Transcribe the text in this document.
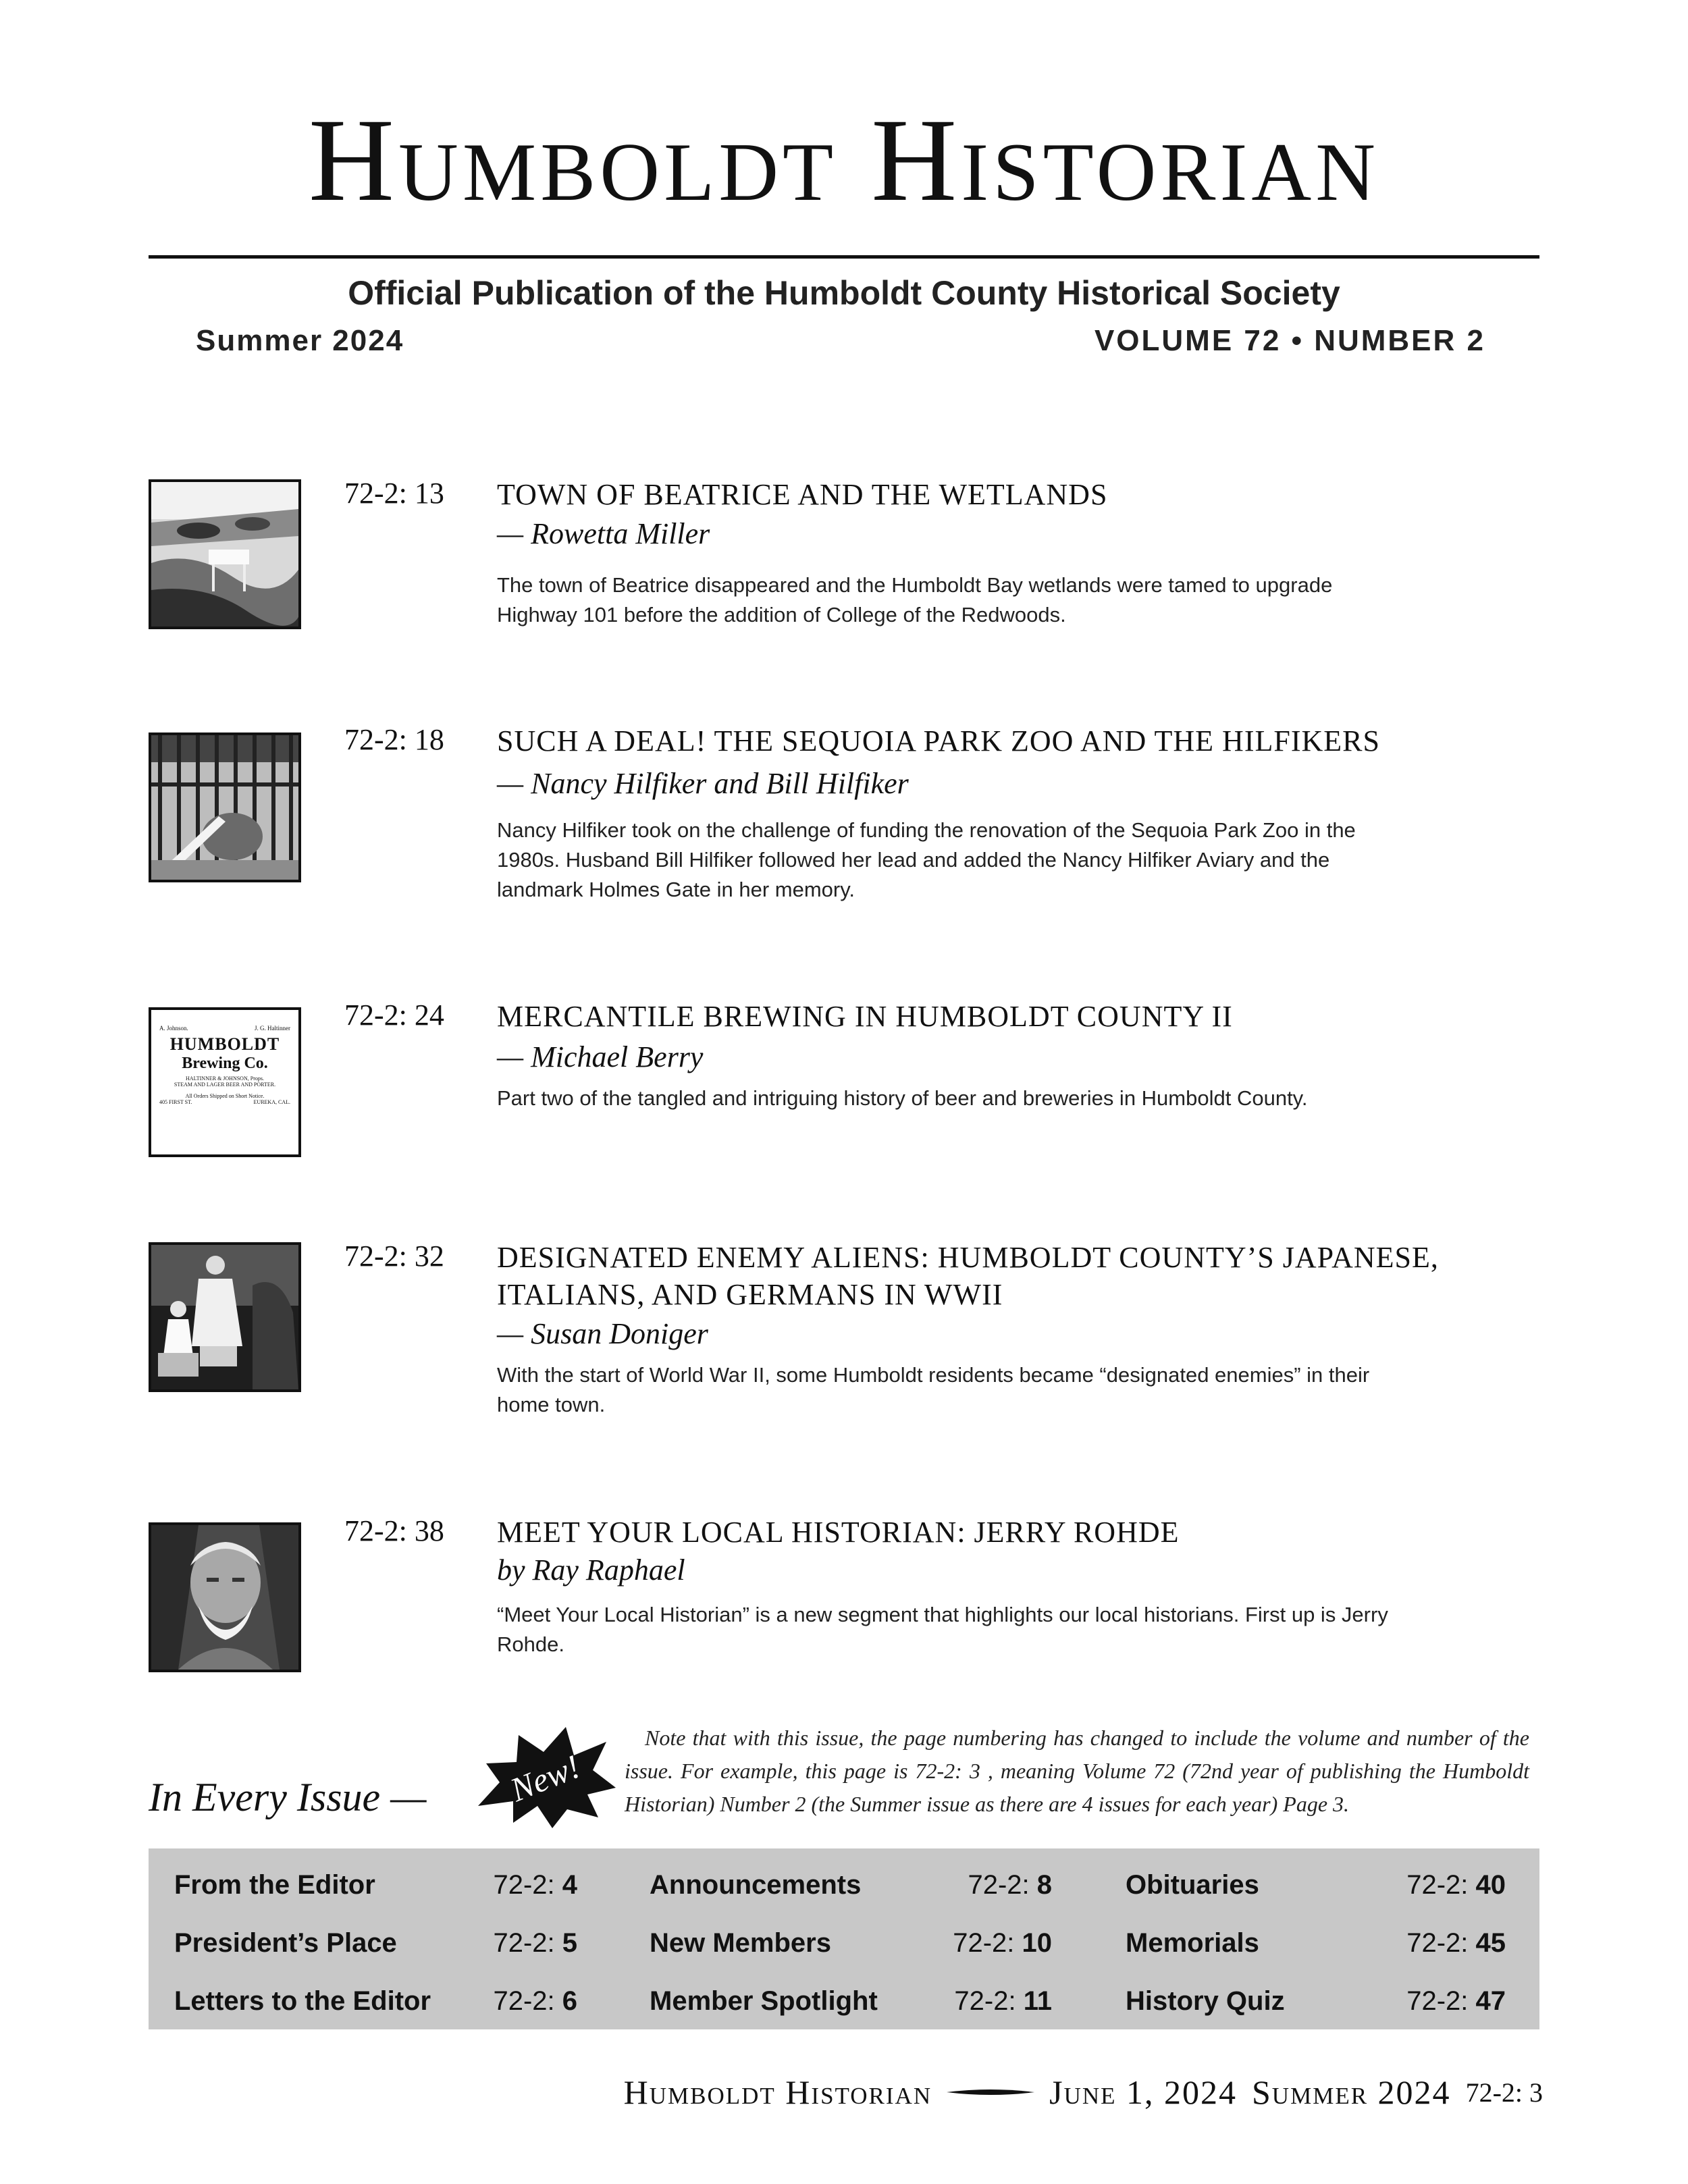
Humboldt Historian
Official Publication of the Humboldt County Historical Society
Summer 2024	VOLUME 72 • NUMBER 2
72-2: 13 TOWN OF BEATRICE AND THE WETLANDS
— Rowetta Miller
The town of Beatrice disappeared and the Humboldt Bay wetlands were tamed to upgrade Highway 101 before the addition of College of the Redwoods.
72-2: 18 SUCH A DEAL! THE SEQUOIA PARK ZOO AND THE HILFIKERS
— Nancy Hilfiker and Bill Hilfiker
Nancy Hilfiker took on the challenge of funding the renovation of the Sequoia Park Zoo in the 1980s. Husband Bill Hilfiker followed her lead and added the Nancy Hilfiker Aviary and the landmark Holmes Gate in her memory.
A. Johnson.	J. G. Haltinner
HUMBOLDT
Brewing Co.
HALTINNER & JOHNSON, Props.
STEAM AND LAGER BEER AND PORTER.
All Orders Shipped on Short Notice.
405 FIRST ST.	EUREKA, CAL.
72-2: 24 MERCANTILE BREWING IN HUMBOLDT COUNTY II
— Michael Berry
Part two of the tangled and intriguing history of beer and breweries in Humboldt County.
72-2: 32 DESIGNATED ENEMY ALIENS: HUMBOLDT COUNTY’S JAPANESE, ITALIANS, AND GERMANS IN WWII
— Susan Doniger
With the start of World War II, some Humboldt residents became “designated enemies” in their home town.
72-2: 38 MEET YOUR LOCAL HISTORIAN: JERRY ROHDE
by Ray Raphael
“Meet Your Local Historian” is a new segment that highlights our local historians. First up is Jerry Rohde.
In Every Issue — New!
Note that with this issue, the page numbering has changed to include the volume and number of the issue. For example, this page is 72-2: 3 , meaning Volume 72 (72nd year of publishing the Humboldt Historian) Number 2 (the Summer issue as there are 4 issues for each year) Page 3.
From the Editor	72-2: 4
President’s Place	72-2: 5
Letters to the Editor	72-2: 6
Announcements	72-2: 8
New Members	72-2: 10
Member Spotlight	72-2: 11
Obituaries	72-2: 40
Memorials	72-2: 45
History Quiz	72-2: 47
Humboldt Historian	June 1, 2024 Summer 2024 72-2: 3
